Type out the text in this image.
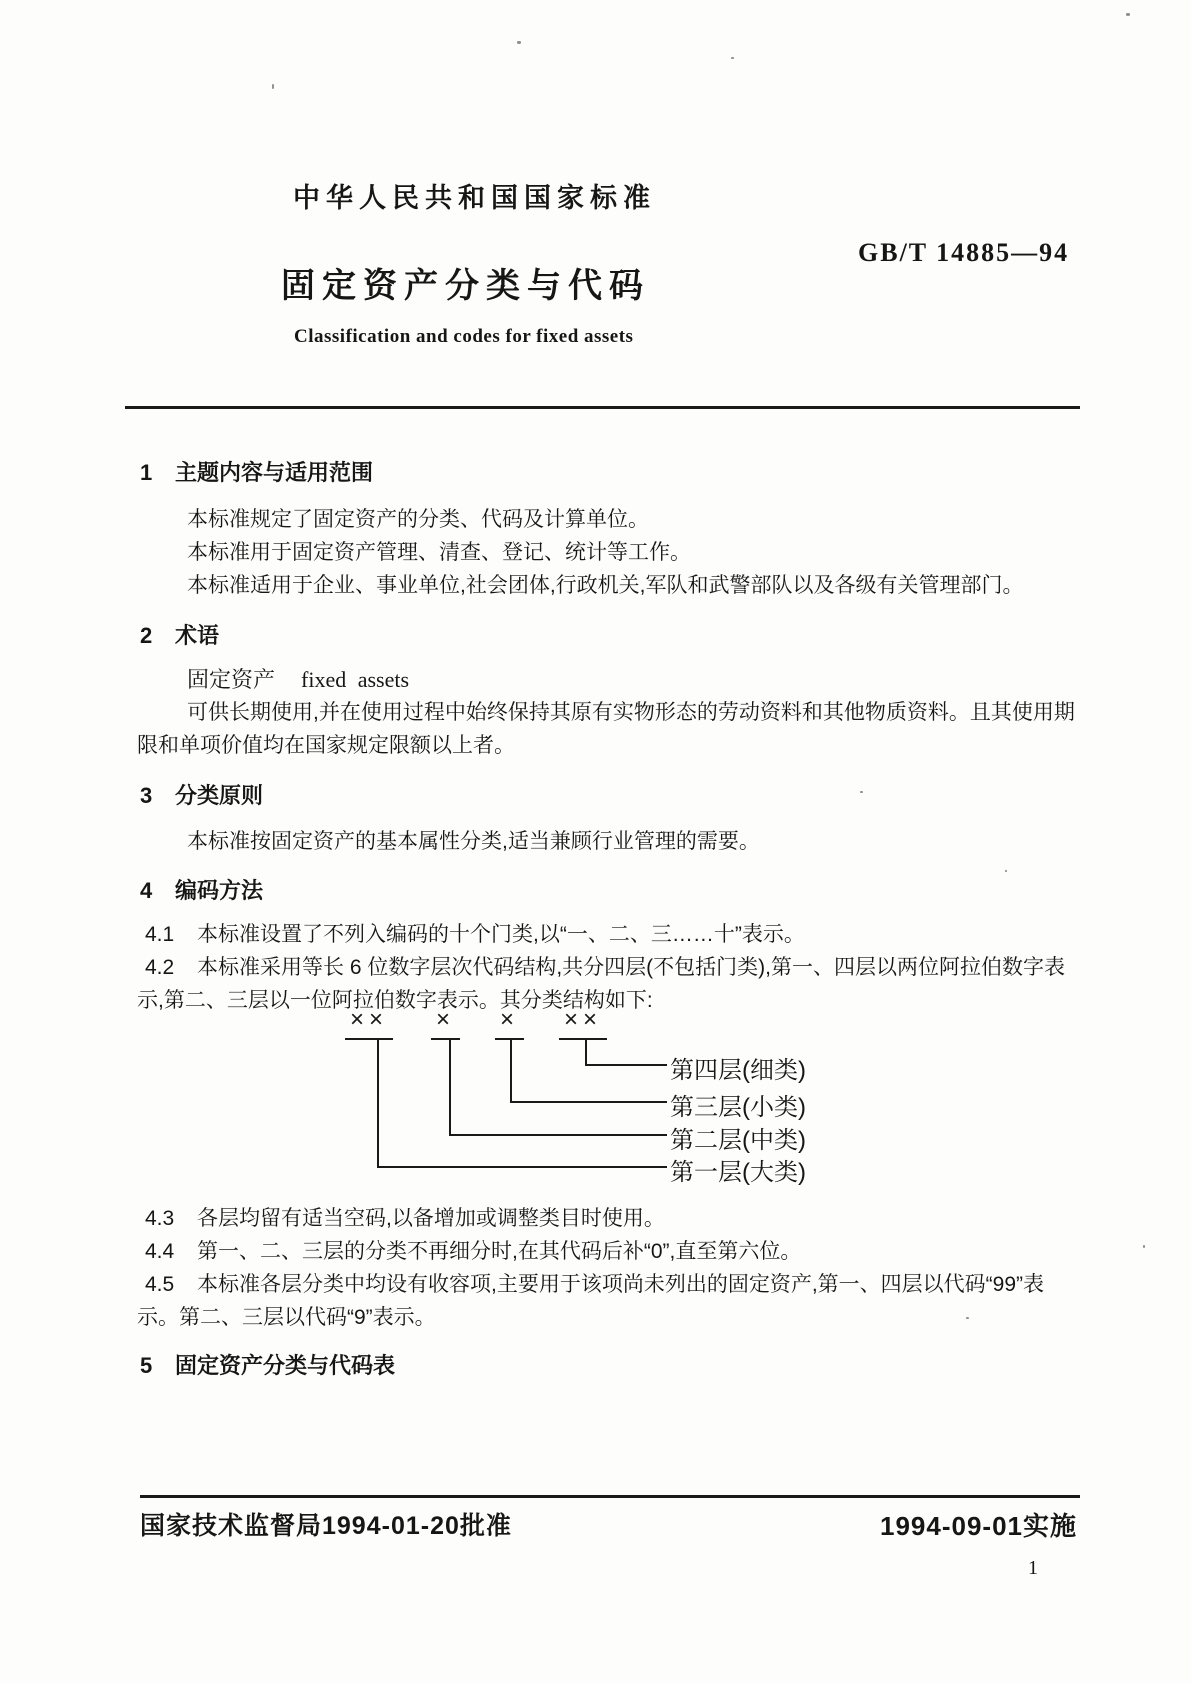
中华人民共和国国家标准
GB/T 14885—94
固定资产分类与代码
Classification and codes for fixed assets
1 主题内容与适用范围
本标准规定了固定资产的分类、代码及计算单位。
本标准用于固定资产管理、清查、登记、统计等工作。
本标准适用于企业、事业单位,社会团体,行政机关,军队和武警部队以及各级有关管理部门。
2 术语
固定资产 fixed assets
可供长期使用,并在使用过程中始终保持其原有实物形态的劳动资料和其他物质资料。且其使用期
限和单项价值均在国家规定限额以上者。
3 分类原则
本标准按固定资产的基本属性分类,适当兼顾行业管理的需要。
4 编码方法
4.1 本标准设置了不列入编码的十个门类,以“一、二、三……十”表示。
4.2 本标准采用等长 6 位数字层次代码结构,共分四层(不包括门类),第一、四层以两位阿拉伯数字表
示,第二、三层以一位阿拉伯数字表示。其分类结构如下:
×× × × ××
第四层(细类)
第三层(小类)
第二层(中类)
第一层(大类)
4.3 各层均留有适当空码,以备增加或调整类目时使用。
4.4 第一、二、三层的分类不再细分时,在其代码后补“0”,直至第六位。
4.5 本标准各层分类中均设有收容项,主要用于该项尚未列出的固定资产,第一、四层以代码“99”表
示。第二、三层以代码“9”表示。
5 固定资产分类与代码表
国家技术监督局1994-01-20批准	1994-09-01实施
1
